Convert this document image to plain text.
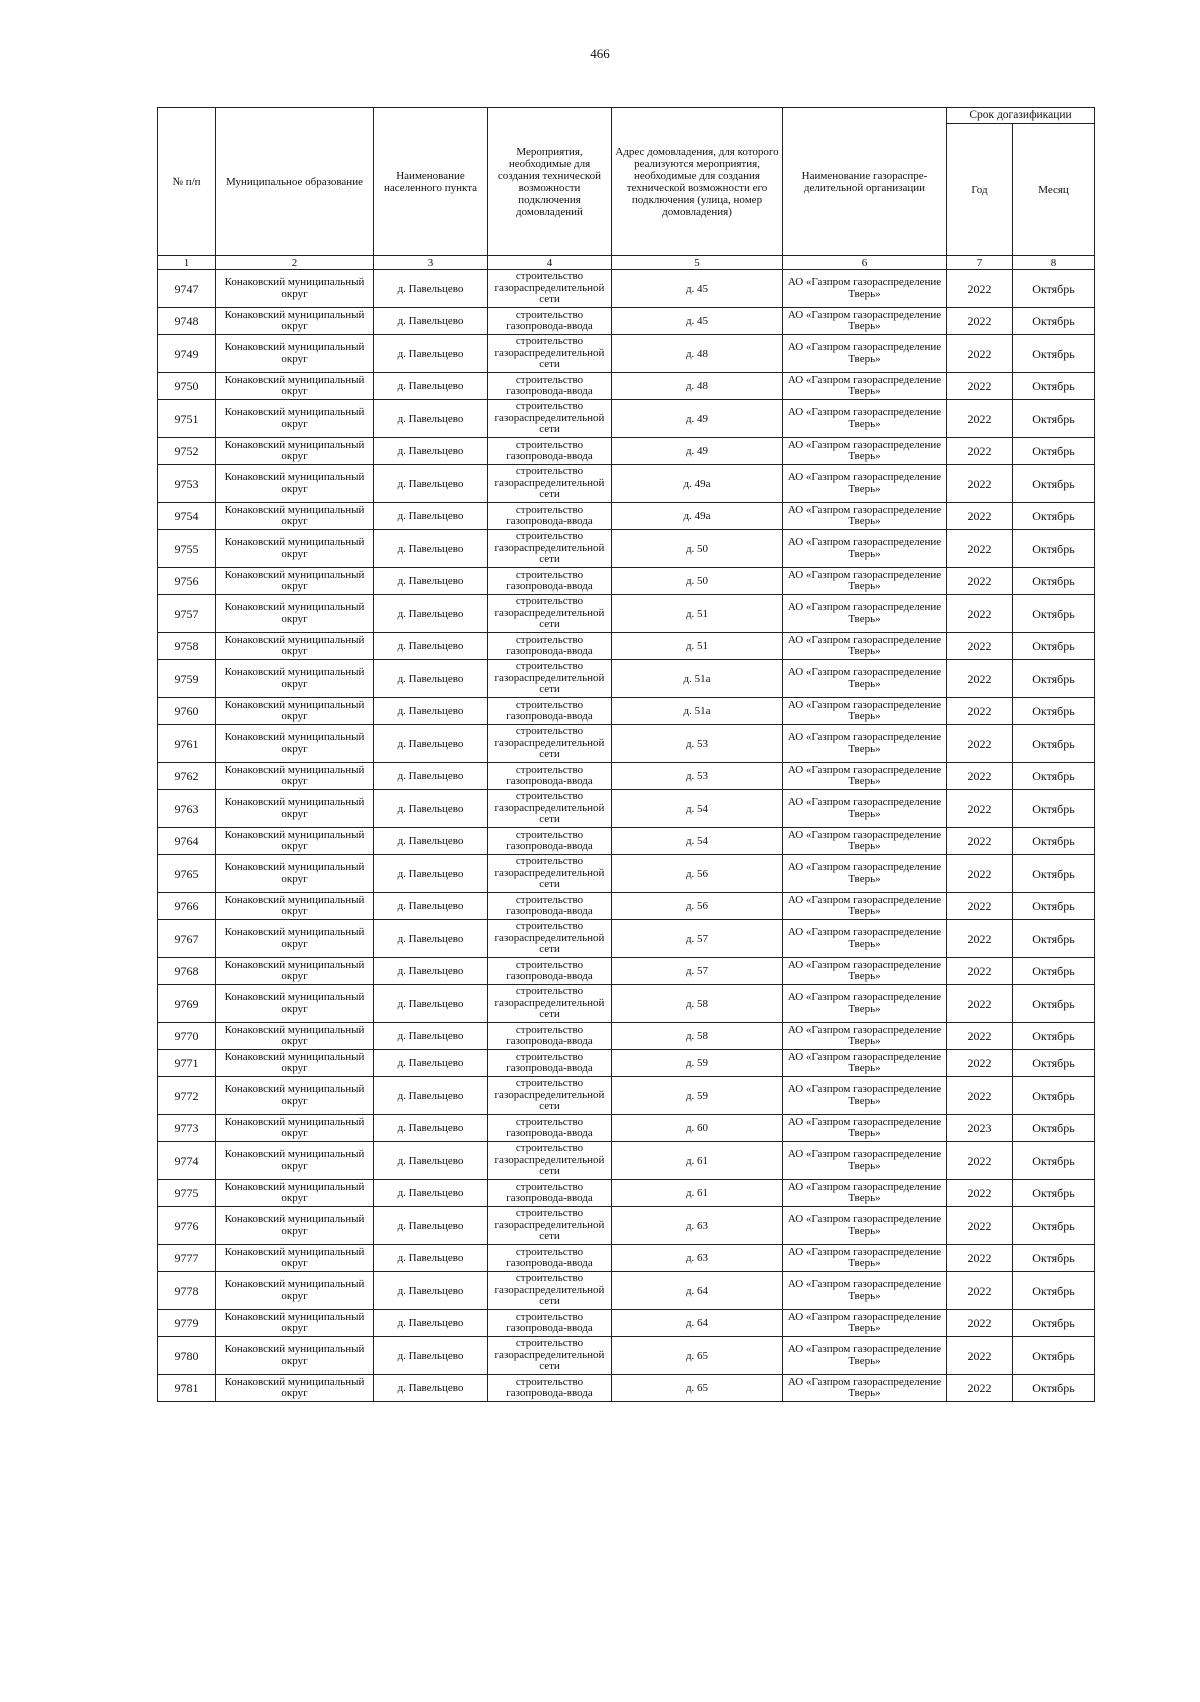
466
№ п/п	Муниципальное образование	Наименование населенного пункта	Мероприятия, необходимые для создания технической возможности подключения домовладений	Адрес домовладения, для которого реализуются мероприятия, необходимые для создания технической возможности его подключения (улица, номер домовладения)	Наименование газораспре-делительной организации	Срок догазификации	
						Год	Месяц
1	2	3	4	5	6	7	8
9747	Конаковский муниципальный округ	д. Павельцево	строительство газораспределительной сети	д. 45	АО «Газпром газораспределение Тверь»	2022	Октябрь
9748	Конаковский муниципальный округ	д. Павельцево	строительство газопровода-ввода	д. 45	АО «Газпром газораспределение Тверь»	2022	Октябрь
9749	Конаковский муниципальный округ	д. Павельцево	строительство газораспределительной сети	д. 48	АО «Газпром газораспределение Тверь»	2022	Октябрь
9750	Конаковский муниципальный округ	д. Павельцево	строительство газопровода-ввода	д. 48	АО «Газпром газораспределение Тверь»	2022	Октябрь
9751	Конаковский муниципальный округ	д. Павельцево	строительство газораспределительной сети	д. 49	АО «Газпром газораспределение Тверь»	2022	Октябрь
9752	Конаковский муниципальный округ	д. Павельцево	строительство газопровода-ввода	д. 49	АО «Газпром газораспределение Тверь»	2022	Октябрь
9753	Конаковский муниципальный округ	д. Павельцево	строительство газораспределительной сети	д. 49а	АО «Газпром газораспределение Тверь»	2022	Октябрь
9754	Конаковский муниципальный округ	д. Павельцево	строительство газопровода-ввода	д. 49а	АО «Газпром газораспределение Тверь»	2022	Октябрь
9755	Конаковский муниципальный округ	д. Павельцево	строительство газораспределительной сети	д. 50	АО «Газпром газораспределение Тверь»	2022	Октябрь
9756	Конаковский муниципальный округ	д. Павельцево	строительство газопровода-ввода	д. 50	АО «Газпром газораспределение Тверь»	2022	Октябрь
9757	Конаковский муниципальный округ	д. Павельцево	строительство газораспределительной сети	д. 51	АО «Газпром газораспределение Тверь»	2022	Октябрь
9758	Конаковский муниципальный округ	д. Павельцево	строительство газопровода-ввода	д. 51	АО «Газпром газораспределение Тверь»	2022	Октябрь
9759	Конаковский муниципальный округ	д. Павельцево	строительство газораспределительной сети	д. 51а	АО «Газпром газораспределение Тверь»	2022	Октябрь
9760	Конаковский муниципальный округ	д. Павельцево	строительство газопровода-ввода	д. 51а	АО «Газпром газораспределение Тверь»	2022	Октябрь
9761	Конаковский муниципальный округ	д. Павельцево	строительство газораспределительной сети	д. 53	АО «Газпром газораспределение Тверь»	2022	Октябрь
9762	Конаковский муниципальный округ	д. Павельцево	строительство газопровода-ввода	д. 53	АО «Газпром газораспределение Тверь»	2022	Октябрь
9763	Конаковский муниципальный округ	д. Павельцево	строительство газораспределительной сети	д. 54	АО «Газпром газораспределение Тверь»	2022	Октябрь
9764	Конаковский муниципальный округ	д. Павельцево	строительство газопровода-ввода	д. 54	АО «Газпром газораспределение Тверь»	2022	Октябрь
9765	Конаковский муниципальный округ	д. Павельцево	строительство газораспределительной сети	д. 56	АО «Газпром газораспределение Тверь»	2022	Октябрь
9766	Конаковский муниципальный округ	д. Павельцево	строительство газопровода-ввода	д. 56	АО «Газпром газораспределение Тверь»	2022	Октябрь
9767	Конаковский муниципальный округ	д. Павельцево	строительство газораспределительной сети	д. 57	АО «Газпром газораспределение Тверь»	2022	Октябрь
9768	Конаковский муниципальный округ	д. Павельцево	строительство газопровода-ввода	д. 57	АО «Газпром газораспределение Тверь»	2022	Октябрь
9769	Конаковский муниципальный округ	д. Павельцево	строительство газораспределительной сети	д. 58	АО «Газпром газораспределение Тверь»	2022	Октябрь
9770	Конаковский муниципальный округ	д. Павельцево	строительство газопровода-ввода	д. 58	АО «Газпром газораспределение Тверь»	2022	Октябрь
9771	Конаковский муниципальный округ	д. Павельцево	строительство газопровода-ввода	д. 59	АО «Газпром газораспределение Тверь»	2022	Октябрь
9772	Конаковский муниципальный округ	д. Павельцево	строительство газораспределительной сети	д. 59	АО «Газпром газораспределение Тверь»	2022	Октябрь
9773	Конаковский муниципальный округ	д. Павельцево	строительство газопровода-ввода	д. 60	АО «Газпром газораспределение Тверь»	2023	Октябрь
9774	Конаковский муниципальный округ	д. Павельцево	строительство газораспределительной сети	д. 61	АО «Газпром газораспределение Тверь»	2022	Октябрь
9775	Конаковский муниципальный округ	д. Павельцево	строительство газопровода-ввода	д. 61	АО «Газпром газораспределение Тверь»	2022	Октябрь
9776	Конаковский муниципальный округ	д. Павельцево	строительство газораспределительной сети	д. 63	АО «Газпром газораспределение Тверь»	2022	Октябрь
9777	Конаковский муниципальный округ	д. Павельцево	строительство газопровода-ввода	д. 63	АО «Газпром газораспределение Тверь»	2022	Октябрь
9778	Конаковский муниципальный округ	д. Павельцево	строительство газораспределительной сети	д. 64	АО «Газпром газораспределение Тверь»	2022	Октябрь
9779	Конаковский муниципальный округ	д. Павельцево	строительство газопровода-ввода	д. 64	АО «Газпром газораспределение Тверь»	2022	Октябрь
9780	Конаковский муниципальный округ	д. Павельцево	строительство газораспределительной сети	д. 65	АО «Газпром газораспределение Тверь»	2022	Октябрь
9781	Конаковский муниципальный округ	д. Павельцево	строительство газопровода-ввода	д. 65	АО «Газпром газораспределение Тверь»	2022	Октябрь
